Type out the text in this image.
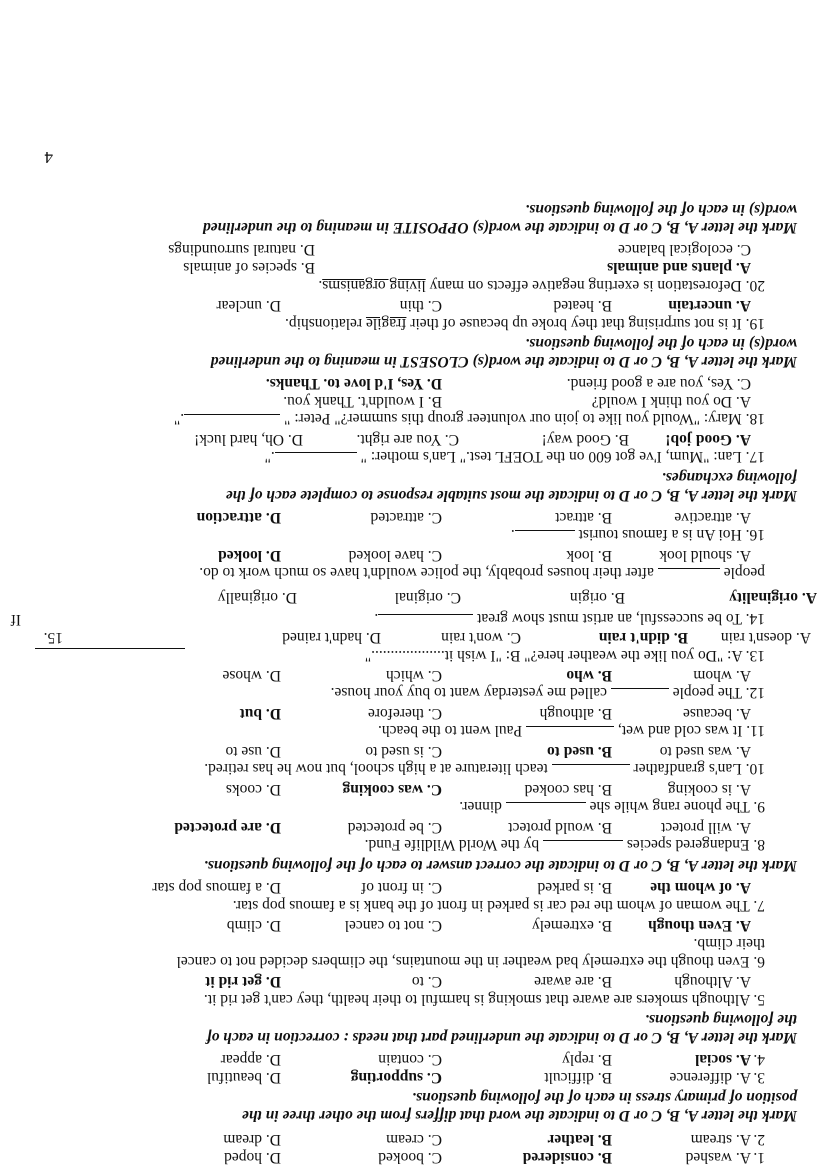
1.
A. washed
B. considered
C. booked
D. hoped
2.
A. stream
B. leather
C. cream
D. dream
Mark the letter A, B, C or D to indicate the word that differs from the other three in the
position of primary stress in each of the following questions.
3.
A. difference
B. difficult
C. supporting
D. beautiful
4.
A. social
B. reply
C. contain
D. appear
Mark the letter A, B, C or D to indicate the underlined part that needs : correction in each of
the following questions.
5. Although smokers are aware that smoking is harmful to their health, they can't get rid it.
A. Although
B. are aware
C. to
D. get rid it
6. Even though the extremely bad weather in the mountains, the climbers decided not to cancel
their climb.
A. Even though
B. extremely
C. not to cancel
D. climb
7. The woman of whom the red car is parked in front of the bank is a famous pop star.
A. of whom the
B. is parked
C. in front of
D. a famous pop star
Mark the letter A, B, C or D to indicate the correct answer to each of the following questions.
8. Endangered species  by the World Wildlife Fund.
A. will protect
B. would protect
C. be protected
D. are protected
9. The phone rang while she  dinner.
A. is cooking
B. has cooked
C. was cooking
D. cooks
10. Lan's grandfather  teach literature at a high school, but now he has retired.
A. was used to
B. used to
C. is used to
D. use to
11. It was cold and wet,  Paul went to the beach.
A. because
B. although
C. therefore
D. but
12. The people  called me yesterday want to buy your house.
A. whom
B. who
C. which
D. whose
13. A: "Do you like the weather here?" B: "I wish it..................."
A. doesn't rain
B. didn't rain
C. won't rain
D. hadn't rained
15.
14. To be successful, an artist must show great .
If
A. originality
B. origin
C. original
D. originally
people  after their houses probably, the police wouldn't have so much work to do.
A. should look
B. look
C. have looked
D. looked
16. Hoi An is a famous tourist .
A. attractive
B. attract
C. attracted
D. attraction
Mark the letter A, B, C or D to indicate the most suitable response to complete each of the
following exchanges.
17. Lan: "Mum, I've got 600 on the TOEFL test." Lan's mother: " ."
A. Good job!
B. Good way!
C. You are right.
D. Oh, hard luck!
18. Mary: "Would you like to join our volunteer group this summer?" Peter: " ."
A. Do you think I would?
B. I wouldn't. Thank you.
C. Yes, you are a good friend.
D. Yes, I'd love to. Thanks.
Mark the letter A, B, C or D to indicate the word(s) CLOSEST in meaning to the underlined
word(s) in each of the following questions.
19. It is not surprising that they broke up because of their fragile relationship.
A. uncertain
B. heated
C. thin
D. unclear
20. Deforestation is exerting negative effects on many living organisms.
A. plants and animals
B. species of animals
C. ecological balance
D. natural surroundings
Mark the letter A, B, C or D to indicate the word(s) OPPOSITE in meaning to the underlined
word(s) in each of the following questions.
4
